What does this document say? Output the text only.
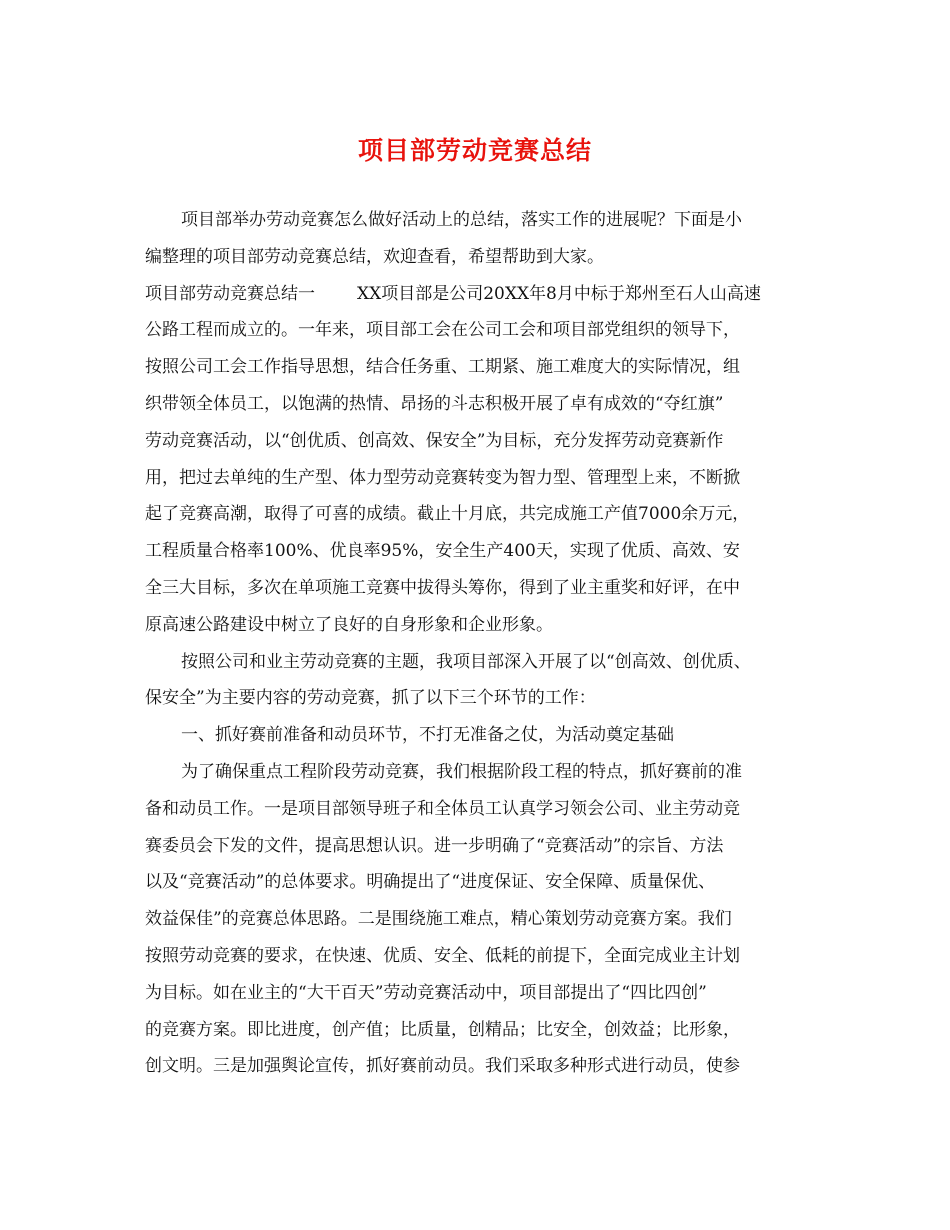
项目部劳动竞赛总结
项目部举办劳动竞赛怎么做好活动上的总结，落实工作的进展呢？下面是小
编整理的项目部劳动竞赛总结，欢迎查看，希望帮助到大家。
项目部劳动竞赛总结一 XX项目部是公司20XX年8月中标于郑州至石人山高速
公路工程而成立的。一年来，项目部工会在公司工会和项目部党组织的领导下，
按照公司工会工作指导思想，结合任务重、工期紧、施工难度大的实际情况，组
织带领全体员工，以饱满的热情、昂扬的斗志积极开展了卓有成效的“夺红旗”
劳动竞赛活动，以“创优质、创高效、保安全”为目标，充分发挥劳动竞赛新作
用，把过去单纯的生产型、体力型劳动竞赛转变为智力型、管理型上来，不断掀
起了竞赛高潮，取得了可喜的成绩。截止十月底，共完成施工产值7000余万元，
工程质量合格率100%、优良率95%，安全生产400天，实现了优质、高效、安
全三大目标，多次在单项施工竞赛中拔得头筹你，得到了业主重奖和好评，在中
原高速公路建设中树立了良好的自身形象和企业形象。
按照公司和业主劳动竞赛的主题，我项目部深入开展了以“创高效、创优质、
保安全”为主要内容的劳动竞赛，抓了以下三个环节的工作：
一、抓好赛前准备和动员环节，不打无准备之仗，为活动奠定基础
为了确保重点工程阶段劳动竞赛，我们根据阶段工程的特点，抓好赛前的准
备和动员工作。一是项目部领导班子和全体员工认真学习领会公司、业主劳动竞
赛委员会下发的文件，提高思想认识。进一步明确了“竞赛活动”的宗旨、方法
以及“竞赛活动”的总体要求。明确提出了“进度保证、安全保障、质量保优、
效益保佳”的竞赛总体思路。二是围绕施工难点，精心策划劳动竞赛方案。我们
按照劳动竞赛的要求，在快速、优质、安全、低耗的前提下，全面完成业主计划
为目标。如在业主的“大干百天”劳动竞赛活动中，项目部提出了“四比四创”
的竞赛方案。即比进度，创产值；比质量，创精品；比安全，创效益；比形象，
创文明。三是加强舆论宣传，抓好赛前动员。我们采取多种形式进行动员，使参
